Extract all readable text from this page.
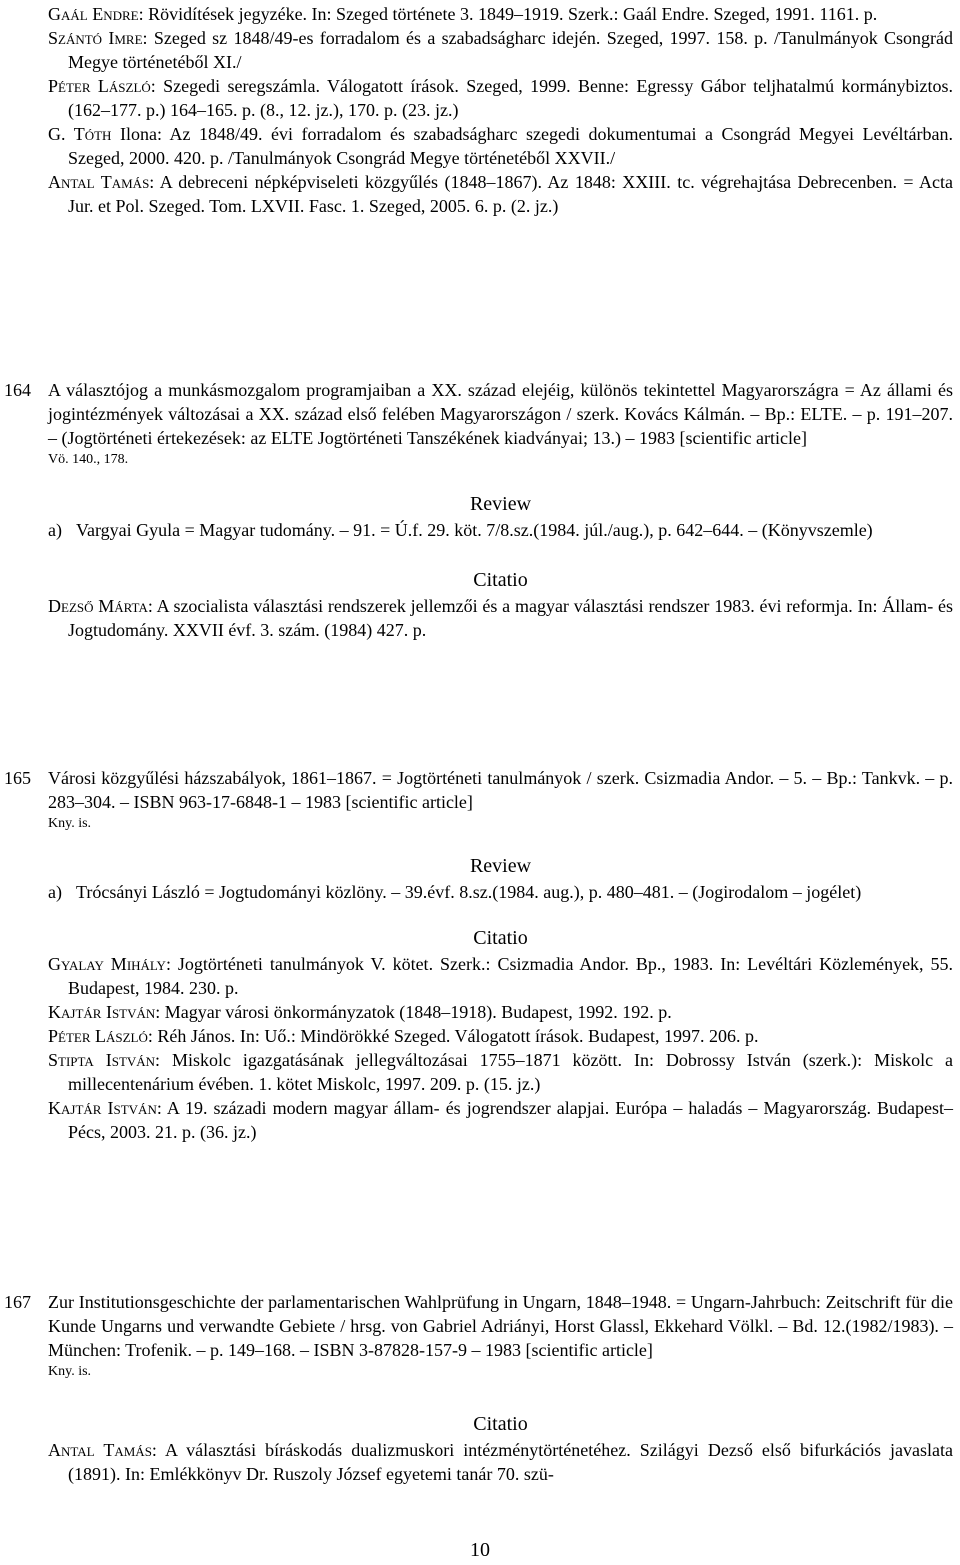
Gaál Endre: Rövidítések jegyzéke. In: Szeged története 3. 1849–1919. Szerk.: Gaál Endre. Szeged, 1991. 1161. p.

Szántó Imre: Szeged sz 1848/49-es forradalom és a szabadságharc idején. Szeged, 1997. 158. p. /Tanulmányok Csongrád Megye történetéből XI./

Péter László: Szegedi seregszámla. Válogatott írások. Szeged, 1999. Benne: Egressy Gábor teljhatalmú kormánybiztos. (162–177. p.) 164–165. p. (8., 12. jz.), 170. p. (23. jz.)

G. Tóth Ilona: Az 1848/49. évi forradalom és szabadságharc szegedi dokumentumai a Csongrád Megyei Levéltárban. Szeged, 2000. 420. p. /Tanulmányok Csongrád Megye történetéből XXVII./

Antal Tamás: A debreceni népképviseleti közgyűlés (1848–1867). Az 1848: XXIII. tc. végrehajtása Debrecenben. = Acta Jur. et Pol. Szeged. Tom. LXVII. Fasc. 1. Szeged, 2005. 6. p. (2. jz.)

164 A választójog a munkásmozgalom programjaiban a XX. század elejéig, különös tekintettel Magyarországra = Az állami és jogintézmények változásai a XX. század első felében Magyarországon / szerk. Kovács Kálmán. – Bp.: ELTE. – p. 191–207. – (Jogtörténeti értekezések: az ELTE Jogtörténeti Tanszékének kiadványai; 13.) – 1983 [scientific article]

Vö. 140., 178.
Review
a) Vargyai Gyula = Magyar tudomány. – 91. = Ú.f. 29. köt. 7/8.sz.(1984. júl./aug.), p. 642–644. – (Könyvszemle)
Citatio

Dezső Márta: A szocialista választási rendszerek jellemzői és a magyar választási rendszer 1983. évi reformja. In: Állam- és Jogtudomány. XXVII évf. 3. szám. (1984) 427. p.

165 Városi közgyűlési házszabályok, 1861–1867. = Jogtörténeti tanulmányok / szerk. Csizmadia Andor. – 5. – Bp.: Tankvk. – p. 283–304. – ISBN 963-17-6848-1 – 1983 [scientific article]

Kny. is.
Review
a) Trócsányi László = Jogtudományi közlöny. – 39.évf. 8.sz.(1984. aug.), p. 480–481. – (Jogirodalom – jogélet)
Citatio

Gyalay Mihály: Jogtörténeti tanulmányok V. kötet. Szerk.: Csizmadia Andor. Bp., 1983. In: Levéltári Közlemények, 55. Budapest, 1984. 230. p.

Kajtár István: Magyar városi önkormányzatok (1848–1918). Budapest, 1992. 192. p.

Péter László: Réh János. In: Uő.: Mindörökké Szeged. Válogatott írások. Budapest, 1997. 206. p.

Stipta István: Miskolc igazgatásának jellegváltozásai 1755–1871 között. In: Dobrossy István (szerk.): Miskolc a millecentenárium évében. 1. kötet Miskolc, 1997. 209. p. (15. jz.)

Kajtár István: A 19. századi modern magyar állam- és jogrendszer alapjai. Európa – haladás – Magyarország. Budapest–Pécs, 2003. 21. p. (36. jz.)

167 Zur Institutionsgeschichte der parlamentarischen Wahlprüfung in Ungarn, 1848–1948. = Ungarn-Jahrbuch: Zeitschrift für die Kunde Ungarns und verwandte Gebiete / hrsg. von Gabriel Adriányi, Horst Glassl, Ekkehard Völkl. – Bd. 12.(1982/1983). – München: Trofenik. – p. 149–168. – ISBN 3-87828-157-9 – 1983 [scientific article]

Kny. is.
Citatio

Antal Tamás: A választási bíráskodás dualizmuskori intézménytörténetéhez. Szilágyi Dezső első bifurkációs javaslata (1891). In: Emlékkönyv Dr. Ruszoly József egyetemi tanár 70. szü-

10
